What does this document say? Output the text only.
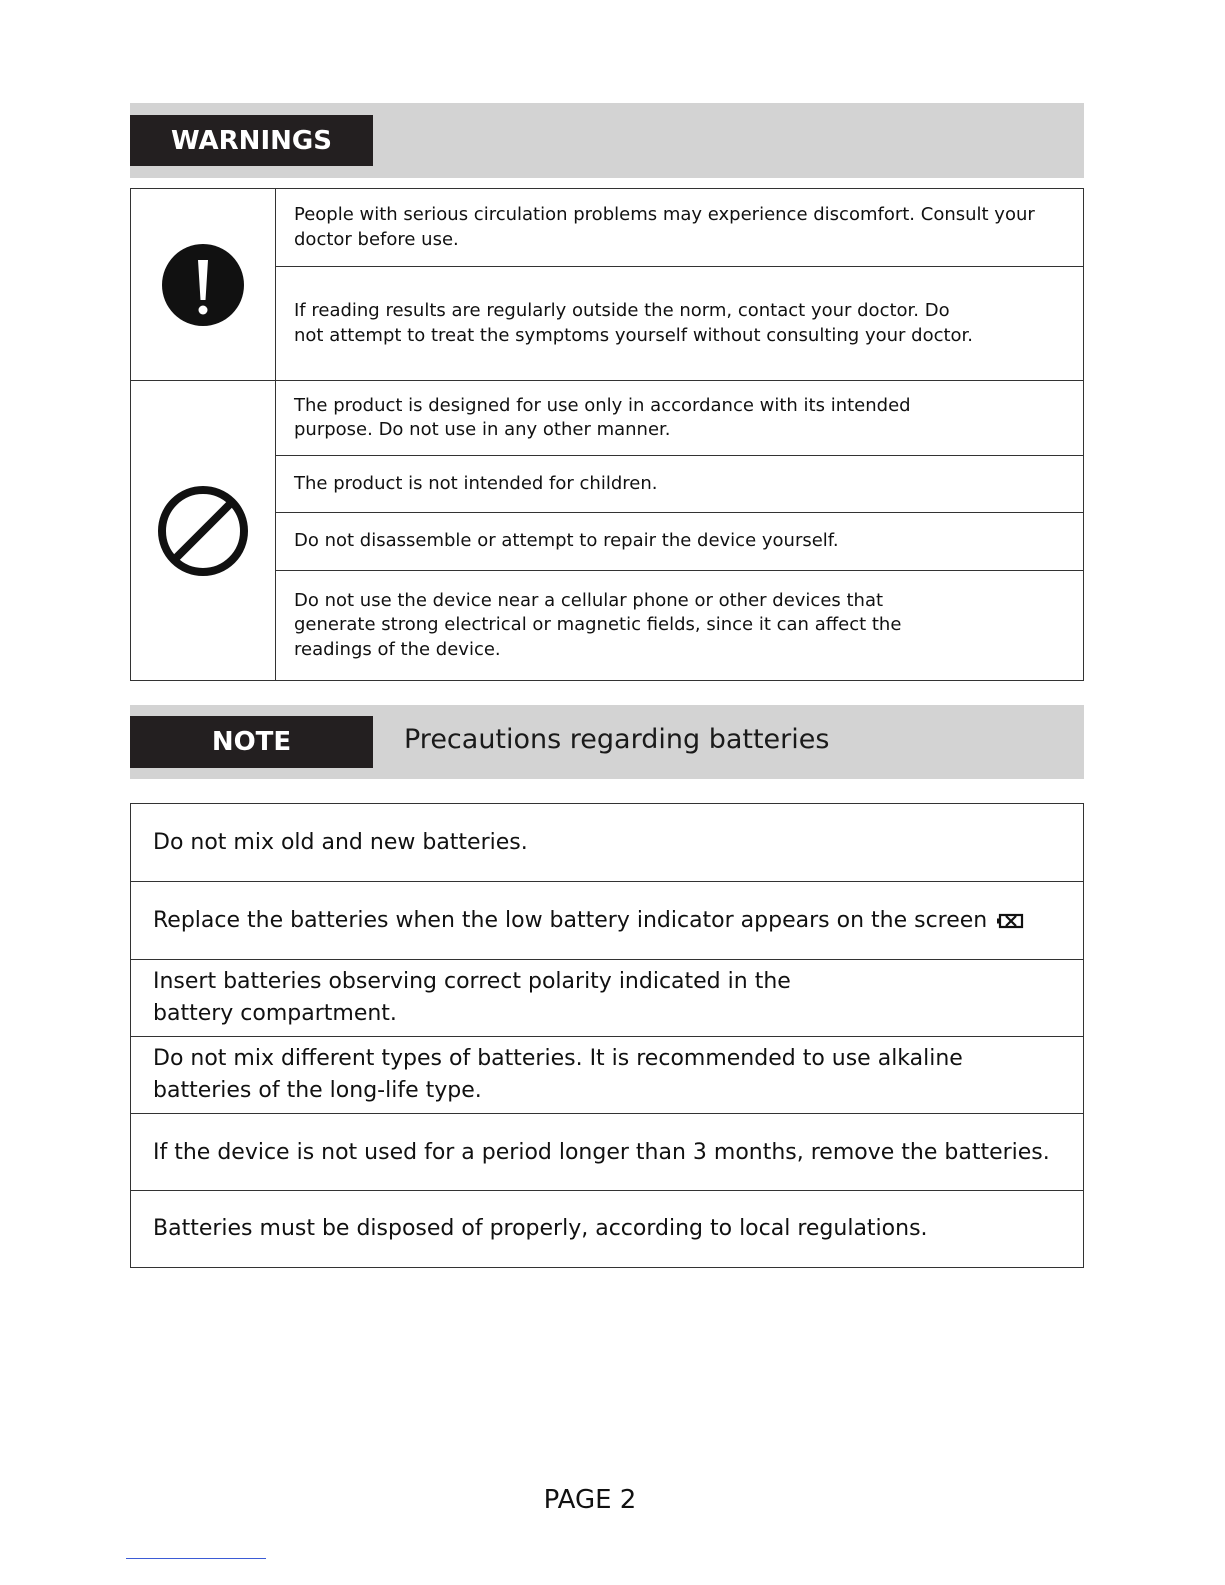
WARNINGS
People with serious circulation problems may experience discomfort. Consult your doctor before use.
If reading results are regularly outside the norm, contact your doctor. Do not attempt to treat the symptoms yourself without consulting your doctor.
The product is designed for use only in accordance with its intended purpose. Do not use in any other manner.
The product is not intended for children.
Do not disassemble or attempt to repair the device yourself.
Do not use the device near a cellular phone or other devices that generate strong electrical or magnetic fields, since it can affect the readings of the device.
NOTE	Precautions regarding batteries
Do not mix old and new batteries.
Replace the batteries when the low battery indicator appears on the screen
Insert batteries observing correct polarity indicated in the battery compartment.
Do not mix different types of batteries. It is recommended to use alkaline batteries of the long-life type.
If the device is not used for a period longer than 3 months, remove the batteries.
Batteries must be disposed of properly, according to local regulations.
PAGE 2
